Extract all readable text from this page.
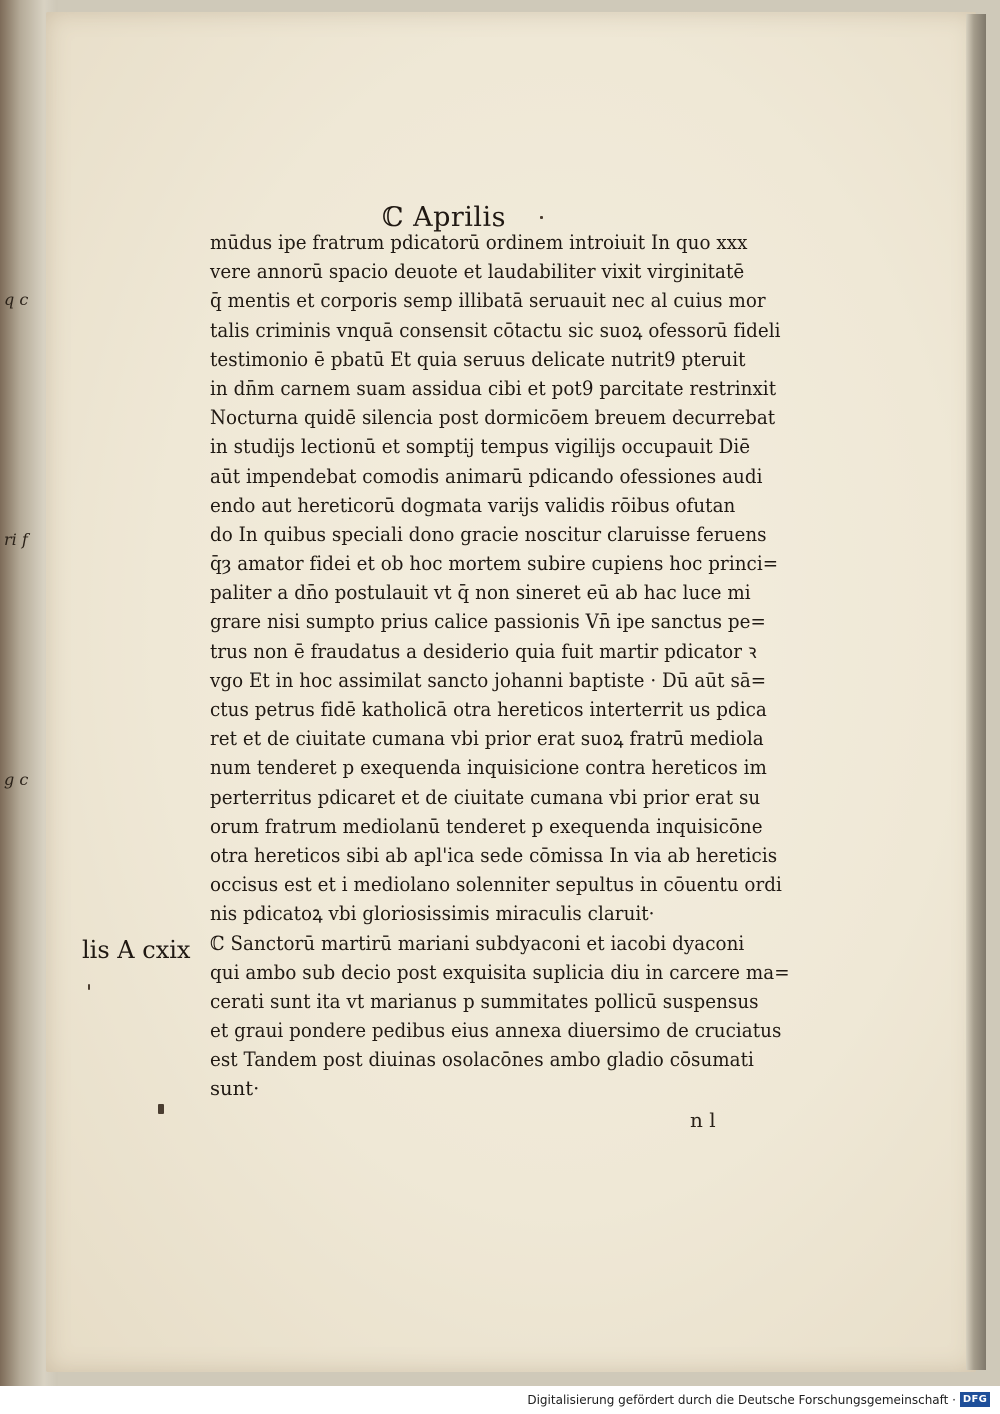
q c
ri f
g c
ℂ Aprilis
mūdus ipe fratrum pdicatorū ordinem introiuit In quo xxx
vere annorū spacio deuote et laudabiliter vixit virginitatē
q̄ mentis et corporis semp illibatā seruauit nec al cuius mor
talis criminis vnquā consensit cōtactu sic suoꝝ ofessorū fideli
testimonio ē pbatū Et quia seruus delicate nutrit9 pteruit
in dn̄m carnem suam assidua cibi et pot9 parcitate restrinxit
Nocturna quidē silencia post dormicōem breuem decurrebat
in studijs lectionū et somptij tempus vigilijs occupauit Diē
aūt impendebat comodis animarū pdicando ofessiones audi
endo aut hereticorū dogmata varijs validis rōibus ofutan
do In quibus speciali dono gracie noscitur claruisse feruens
q̄ȝ amator fidei et ob hoc mortem subire cupiens hoc princi=
paliter a dn̄o postulauit vt q̄ non sineret eū ab hac luce mi
grare nisi sumpto prius calice passionis Vn̄ ipe sanctus pe=
trus non ē fraudatus a desiderio quia fuit martir pdicator ꝛ
vgo Et in hoc assimilat sancto johanni baptiste · Dū aūt sā=
ctus petrus fidē katholicā otra hereticos interterrit us pdica
ret et de ciuitate cumana vbi prior erat suoꝝ fratrū mediola
num tenderet p exequenda inquisicione contra hereticos im
perterritus pdicaret et de ciuitate cumana vbi prior erat su
orum fratrum mediolanū tenderet p exequenda inquisicōne
otra hereticos sibi ab apl'ica sede cōmissa In via ab hereticis
occisus est et i mediolano solenniter sepultus in cōuentu ordi
nis pdicatoꝝ vbi gloriosissimis miraculis claruit·
ℂ Sanctorū martirū mariani subdyaconi et iacobi dyaconi
qui ambo sub decio post exquisita suplicia diu in carcere ma=
cerati sunt ita vt marianus p summitates pollicū suspensus
et graui pondere pedibus eius annexa diuersimo de cruciatus
est Tandem post diuinas osolacōnes ambo gladio cōsumati
sunt·
lis A cxix
n l
Digitalisierung gefördert durch die Deutsche Forschungsgemeinschaft · DFG
